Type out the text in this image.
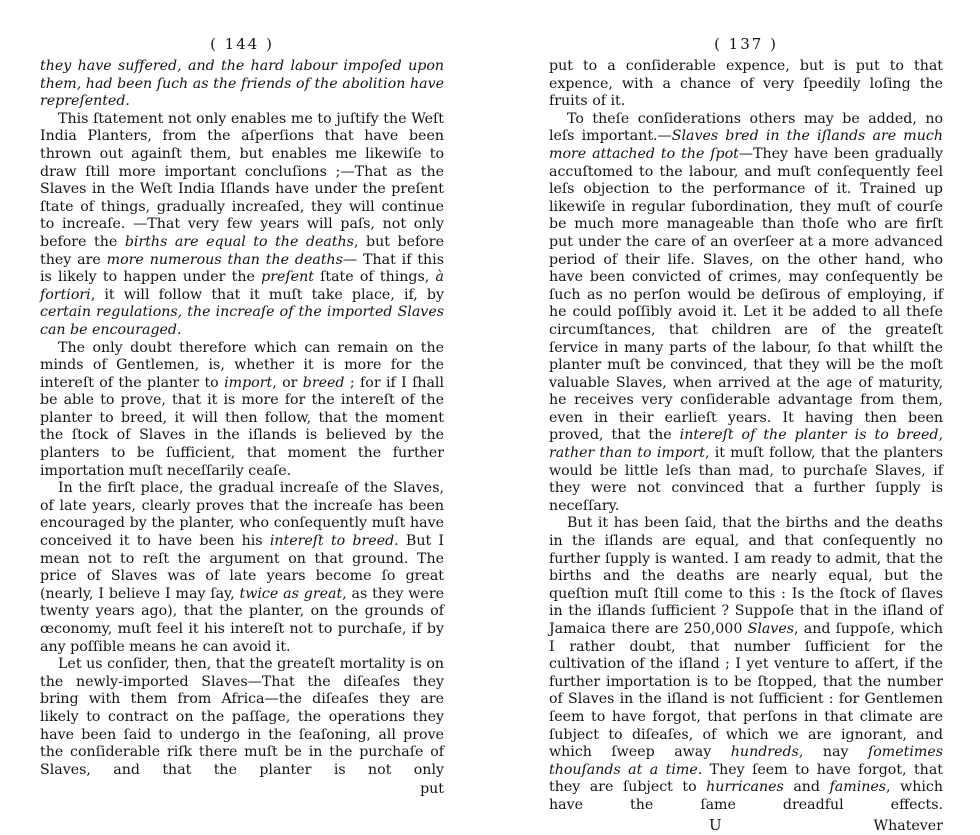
( 144 )

they have suffered, and the hard labour impoſed upon them, had been ſuch as the friends of the abolition have repreſented.

This ſtatement not only enables me to juſtify the Weſt India Planters, from the aſperſions that have been thrown out againſt them, but enables me likewiſe to draw ſtill more important concluſions ;—That as the Slaves in the Weſt India Iſlands have under the preſent ſtate of things, gradually increaſed, they will continue to increaſe. —That very few years will paſs, not only before the births are equal to the deaths, but before they are more numerous than the deaths— That if this is likely to happen under the preſent ſtate of things, à fortiori, it will follow that it muſt take place, if, by certain regulations, the increaſe of the imported Slaves can be encouraged.

The only doubt therefore which can remain on the minds of Gentlemen, is, whether it is more for the intereſt of the planter to import, or breed ; for if I ſhall be able to prove, that it is more for the intereſt of the planter to breed, it will then follow, that the moment the ſtock of Slaves in the iſlands is believed by the planters to be ſufficient, that moment the further importation muſt neceſſarily ceaſe.

In the firſt place, the gradual increaſe of the Slaves, of late years, clearly proves that the increaſe has been encouraged by the planter, who conſequently muſt have conceived it to have been his intereſt to breed. But I mean not to reſt the argument on that ground. The price of Slaves was of late years become ſo great (nearly, I believe I may ſay, twice as great, as they were twenty years ago), that the planter, on the grounds of œconomy, muſt feel it his intereſt not to purchaſe, if by any poſſible means he can avoid it.

Let us conſider, then, that the greateſt mortality is on the newly-imported Slaves—That the diſeaſes they bring with them from Africa—the diſeaſes they are likely to contract on the paſſage, the operations they have been ſaid to undergo in the ſeaſoning, all prove the conſiderable riſk there muſt be in the purchaſe of Slaves, and that the planter is not only

put
( 137 )

put to a conſiderable expence, but is put to that expence, with a chance of very ſpeedily loſing the fruits of it.

To theſe conſiderations others may be added, no leſs important.—Slaves bred in the iſlands are much more attached to the ſpot—They have been gradually accuſtomed to the labour, and muſt conſequently feel leſs objection to the performance of it. Trained up likewiſe in regular ſubordination, they muſt of courſe be much more manageable than thoſe who are firſt put under the care of an overſeer at a more advanced period of their life. Slaves, on the other hand, who have been convicted of crimes, may conſequently be ſuch as no perſon would be deſirous of employing, if he could poſſibly avoid it. Let it be added to all theſe circumſtances, that children are of the greateſt ſervice in many parts of the labour, ſo that whilſt the planter muſt be convinced, that they will be the moſt valuable Slaves, when arrived at the age of maturity, he receives very conſiderable advantage from them, even in their earlieſt years. It having then been proved, that the intereſt of the planter is to breed, rather than to import, it muſt follow, that the planters would be little leſs than mad, to purchaſe Slaves, if they were not convinced that a further ſupply is neceſſary.

But it has been ſaid, that the births and the deaths in the iſlands are equal, and that conſequently no further ſupply is wanted. I am ready to admit, that the births and the deaths are nearly equal, but the queſtion muſt ſtill come to this : Is the ſtock of ſlaves in the iſlands ſufficient ? Suppoſe that in the iſland of Jamaica there are 250,000 Slaves, and ſuppoſe, which I rather doubt, that number ſufficient for the cultivation of the iſland ; I yet venture to aſſert, if the further importation is to be ſtopped, that the number of Slaves in the iſland is not ſufficient : for Gentlemen ſeem to have forgot, that perſons in that climate are ſubject to diſeaſes, of which we are ignorant, and which ſweep away hundreds, nay ſometimes thouſands at a time. They ſeem to have forgot, that they are ſubject to hurricanes and famines, which have the ſame dreadful effects.

U	Whatever
